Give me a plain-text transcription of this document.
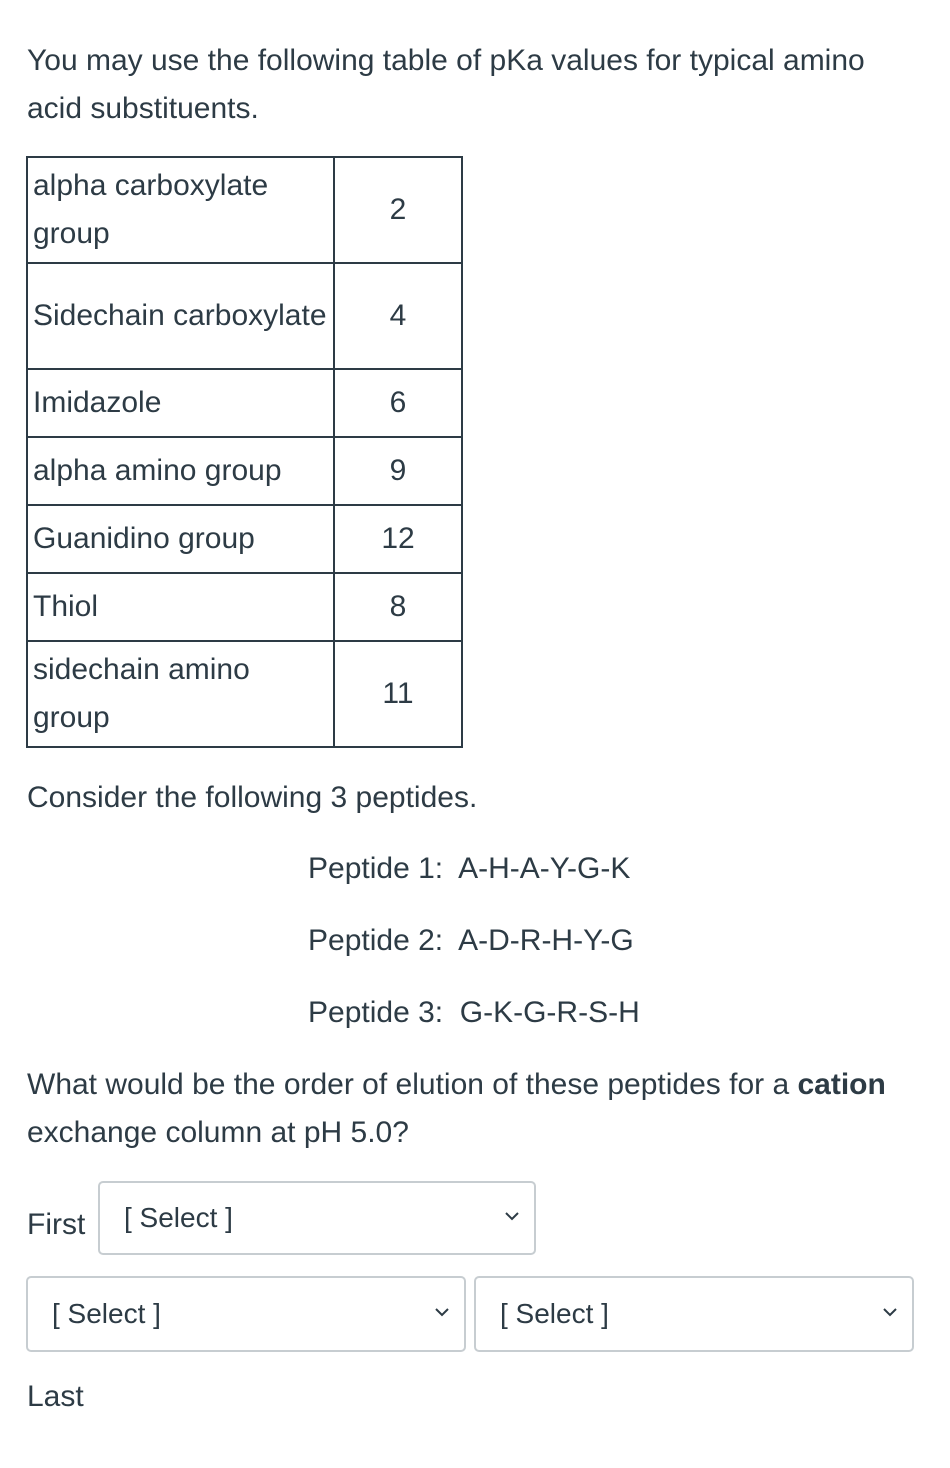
You may use the following table of pKa values for typical amino acid substituents.

alpha carboxylate group	2
Sidechain carboxylate	4
Imidazole	6
alpha amino group	9
Guanidino group	12
Thiol	8
sidechain amino group	11

Consider the following 3 peptides.

Peptide 1:  A-H-A-Y-G-K

Peptide 2:  A-D-R-H-Y-G

Peptide 3:  G-K-G-R-S-H

What would be the order of elution of these peptides for a cation exchange column at pH 5.0?

First [ Select ]
[ Select ]	[ Select ]
Last
